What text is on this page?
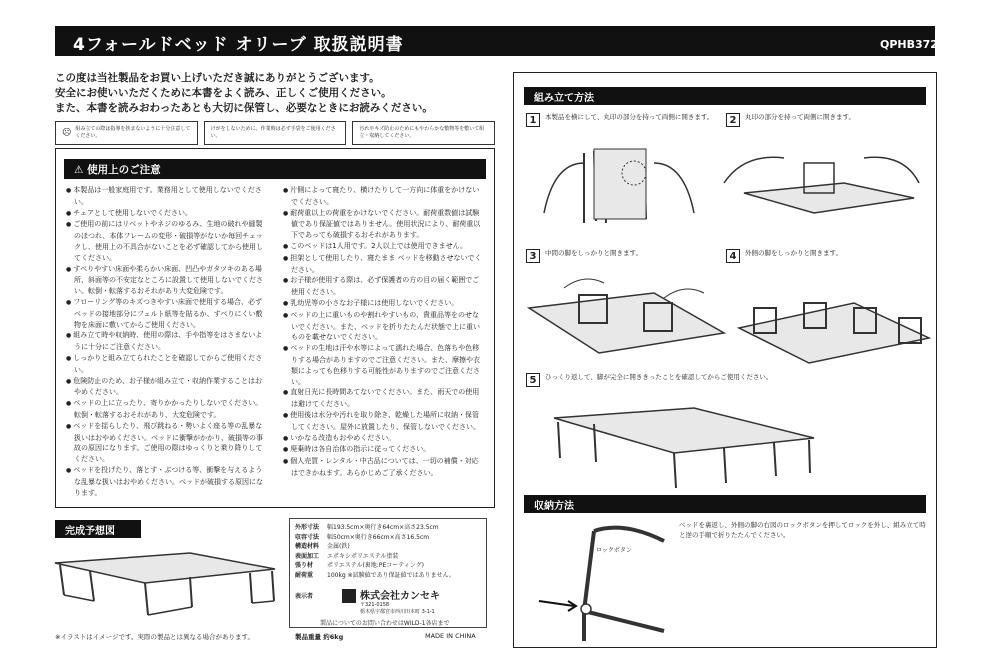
4フォールドベッド オリーブ 取扱説明書	QPHB372
この度は当社製品をお買い上げいただき誠にありがとうございます。
安全にお使いいただくために本書をよく読み、正しくご使用ください。
また、本書を読みおわったあとも大切に保管し、必要なときにお読みください。
☹ 組み立ての際は指導を挟まないように十分注意してください。
けがをしないために、作業時は必ず手袋をご使用ください。
汚れやキズ防止のためにもやわらかな敷物等を敷いて組立・収納してください。
⚠ 使用上のご注意
● 本製品は一般家庭用です。業務用として使用しないでください。
● チェアとして使用しないでください。
● ご使用の前にはリベットやネジのゆるみ、生地の破れや縫製のほつれ、本体フレームの変形・破損等がないか毎回チェックし、使用上の不具合がないことを必ず確認してから使用してください。
● すべりやすい床面や柔らかい床面、凹凸やガタツキのある場所、斜面等の不安定なところに設置して使用しないでください。転倒・転落するおそれがあり大変危険です。
● フローリング等のキズつきやすい床面で使用する場合、必ずベッドの接地部分にフェルト紙等を貼るか、すべりにくい敷物を床面に敷いてからご使用ください。
● 組み立て時や収納時、使用の際は、手や指等をはさまないように十分にご注意ください。
● しっかりと組み立てられたことを確認してからご使用ください。
● 危険防止のため、お子様が組み立て・収納作業することはおやめください。
● ベッドの上に立ったり、寄りかかったりしないでください。転倒・転落するおそれがあり、大変危険です。
● ベッドを揺らしたり、飛び跳ねる・勢いよく座る等の乱暴な扱いはおやめください。ベッドに衝撃がかかり、破損等の事故の原因になります。ご使用の際はゆっくりと乗り降りしてください。
● ベッドを投げたり、落とす・ぶつける等、衝撃を与えるような乱暴な扱いはおやめください。ベッドが破損する原因になります。
● 片側によって寝たり、横けたりして一方向に体重をかけないでください。
● 耐荷重以上の荷重をかけないでください。耐荷重数値は試験値であり保証値ではありません。使用状況により、耐荷重以下であっても破損するおそれがあります。
● このベッドは1人用です。2人以上では使用できません。
● 担架として使用したり、寝たまま ベッドを移動させないでください。
● お子様が使用する際は、必ず保護者の方の目の届く範囲でご使用ください。
● 乳幼児等の小さなお子様には使用しないでください。
● ベッドの上に重いものや割れやすいもの、貴重品等をのせないでください。また、ベッドを折りたたんだ状態で上に重いものを載せないでください。
● ベッドの生地は汗や水等によって濡れた場合、色落ちや色移りする場合がありますのでご注意ください。また、摩擦や衣類によっても色移りする可能性がありますのでご注意ください。
● 直射日光に長時間あてないでください。また、雨天での使用は避けてください。
● 使用後は水分や汚れを取り除き、乾燥した場所に収納・保管してください。屋外に放置したり、保管しないでください。
● いかなる改造もおやめください。
● 廃棄時は各自治体の指示に従ってください。
● 個人売買・レンタル・中古品については、一切の補償・対応はできかねます。あらかじめご了承ください。
完成予想図
※イラストはイメージです。実際の製品とは異なる場合があります。
外形寸法	幅193.5cm×奥行き64cm×高さ23.5cm
収容寸法	幅50cm×奥行き66cm×高さ16.5cm
構造材料	金属(鉄)
表面加工	エポキシポリエステル塗装
張り材	ポリエステル(裏地:PEコーティング)
耐荷重	100kg ※試験値であり保証値ではありません。
表示者	株式会社カンセキ
〒321-0158
栃木県宇都宮市西川田本町 3-1-1
製品についてのお問い合わせはWILD-1各店まで
製品重量 約6kg	MADE IN CHINA
組み立て方法
1	本製品を横にして、丸印の部分を持って両側に開きます。	2	丸印の部分を持って両側に開きます。
3	中間の脚をしっかりと開きます。	4	外側の脚をしっかりと開きます。
5	ひっくり返して、脚が完全に開ききったことを確認してからご使用ください。
収納方法
ロックボタン
ベッドを裏返し、外側の脚の右図のロックボタンを押してロックを外し、組み立て時と逆の手順で折りたたんでください。
